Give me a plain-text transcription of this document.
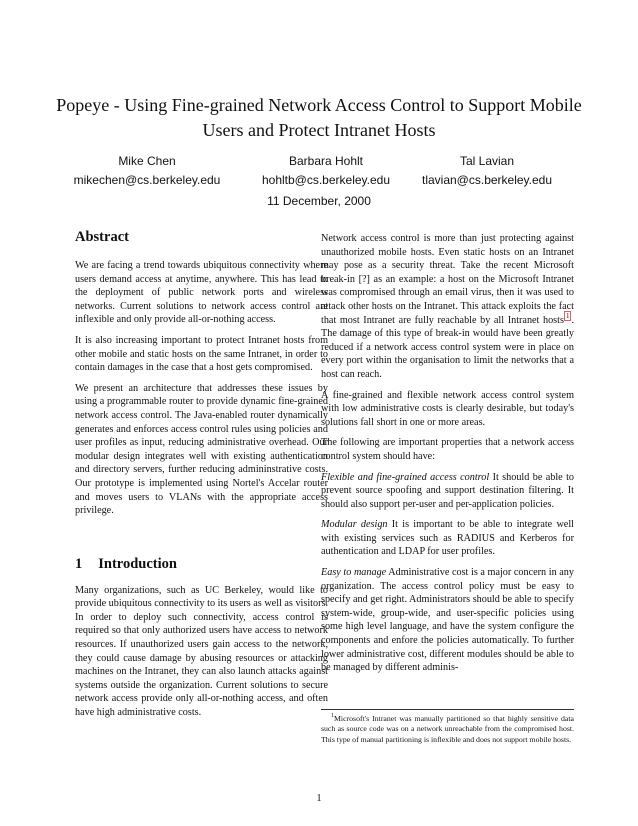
Popeye - Using Fine-grained Network Access Control to Support Mobile Users and Protect Intranet Hosts
Mike Chen
mikechen@cs.berkeley.edu
Barbara Hohlt
hohltb@cs.berkeley.edu
Tal Lavian
tlavian@cs.berkeley.edu
11 December, 2000
Abstract

We are facing a trend towards ubiquitous connectivity where users demand access at anytime, anywhere. This has lead to the deployment of public network ports and wireless networks. Current solutions to network access control are inflexible and only provide all-or-nothing access.

It is also increasing important to protect Intranet hosts from other mobile and static hosts on the same Intranet, in order to contain damages in the case that a host gets compromised.

We present an architecture that addresses these issues by using a programmable router to provide dynamic fine-grained network access control. The Java-enabled router dynamically generates and enforces access control rules using policies and user profiles as input, reducing administrative overhead. Our modular design integrates well with existing authentication and directory servers, further reducing admininstrative costs. Our prototype is implemented using Nortel's Accelar router and moves users to VLANs with the appropriate access privilege.

1 Introduction

Many organizations, such as UC Berkeley, would like to provide ubiquitous connectivity to its users as well as visitors. In order to deploy such connectivity, access control is required so that only authorized users have access to network resources. If unauthorized users gain access to the network, they could cause damage by abusing resources or attacking machines on the Intranet, they can also launch attacks against systems outside the organization. Current solutions to secure network access provide only all-or-nothing access, and often have high administrative costs.

Network access control is more than just protecting against unauthorized mobile hosts. Even static hosts on an Intranet may pose as a security threat. Take the recent Microsoft break-in [?] as an example: a host on the Microsoft Intranet was compromised through an email virus, then it was used to attack other hosts on the Intranet. This attack exploits the fact that most Intranet are fully reachable by all Intranet hosts $^1$ . The damage of this type of break-in would have been greatly reduced if a network access control system were in place on every port within the organisation to limit the networks that a host can reach.

A fine-grained and flexible network access control system with low administrative costs is clearly desirable, but today's solutions fall short in one or more areas.

The following are important properties that a network access control system should have:

Flexible and fine-grained access control It should be able to prevent source spoofing and support destination filtering. It should also support per-user and per-application policies.

Modular design It is important to be able to integrate well with existing services such as RADIUS and Kerberos for authentication and LDAP for user profiles.

Easy to manage Administrative cost is a major concern in any organization. The access control policy must be easy to specify and get right. Administrators should be able to specify system-wide, group-wide, and user-specific policies using some high level language, and have the system configure the components and enfore the policies automatically. To further lower administrative cost, different modules should be able to be managed by different adminis-

$^1$Microsoft's Intranet was manually partitioned so that highly sensitive data such as source code was on a network unreachable from the compromised host. This type of manual partitioning is inflexible and does not support mobile hosts.
1
